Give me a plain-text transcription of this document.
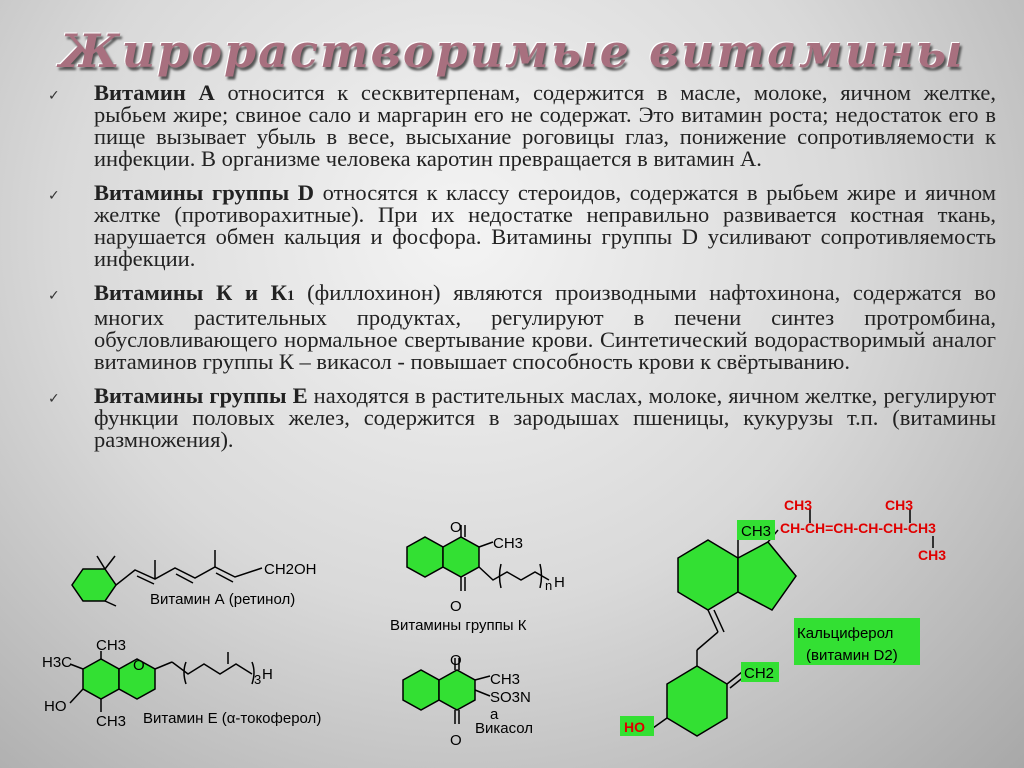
Жирорастворимые витамины
✓ Витамин А относится к сесквитерпенам, содержится в масле, молоке, яичном желтке, рыбьем жире; свиное сало и маргарин его не содержат. Это витамин роста; недостаток его в пище вызывает убыль в весе, высыхание роговицы глаз, понижение сопротивляемости к инфекции. В организме человека каротин превращается в витамин А.
✓ Витамины группы D относятся к классу стероидов, содержатся в рыбьем жире и яичном желтке (противорахитные). При их недостатке неправильно развивается костная ткань, нарушается обмен кальция и фосфора. Витамины группы D усиливают сопротивляемость инфекции.
✓ Витамины К и К1 (филлохинон) являются производными нафтохинона, содержатся во многих растительных продуктах, регулируют в печени синтез протромбина, обусловливающего нормальное свертывание крови. Синтетический водорастворимый аналог витаминов группы К – викасол - повышает способность крови к свёртыванию.
✓ Витамины группы Е находятся в растительных маслах, молоке, яичном желтке, регулируют функции половых желез, содержится в зародышах пшеницы, кукурузы т.п. (витамины размножения).
CH2OH
Витамин А (ретинол)
O
O
CH3
n H
Витамины группы К
CH3
H3C	O
HO
CH3
3 H
Витамин Е (α-токоферол)
O
O
CH3
SO3N
a
Викасол
CH3
CH3	CH3
CH-CH=CH-CH-CH-CH3
CH3
CH2
HO
Кальциферол
(витамин D2)
